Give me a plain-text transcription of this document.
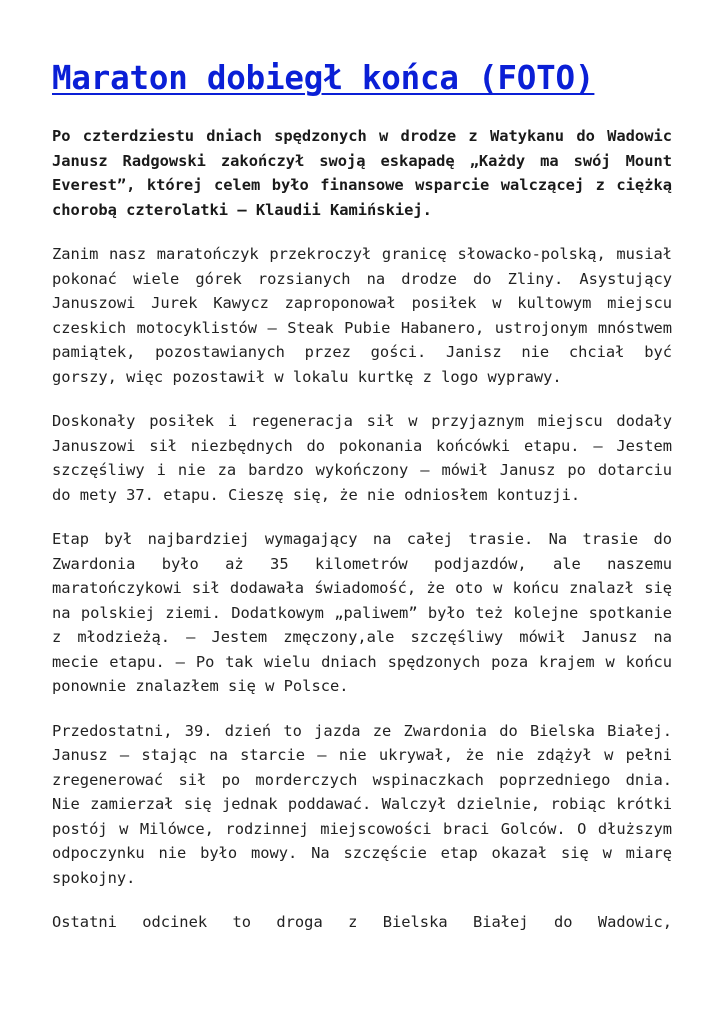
Maraton dobiegł końca (FOTO)

Po czterdziestu dniach spędzonych w drodze z Watykanu do Wadowic Janusz Radgowski zakończył swoją eskapadę „Każdy ma swój Mount Everest”, której celem było finansowe wsparcie walczącej z ciężką chorobą czterolatki – Klaudii Kamińskiej.

Zanim nasz maratończyk przekroczył granicę słowacko-polską, musiał pokonać wiele górek rozsianych na drodze do Zliny. Asystujący Januszowi Jurek Kawycz zaproponował posiłek w kultowym miejscu czeskich motocyklistów – Steak Pubie Habanero, ustrojonym mnóstwem pamiątek, pozostawianych przez gości. Janisz nie chciał być gorszy, więc pozostawił w lokalu kurtkę z logo wyprawy.

Doskonały posiłek i regeneracja sił w przyjaznym miejscu dodały Januszowi sił niezbędnych do pokonania końcówki etapu. – Jestem szczęśliwy i nie za bardzo wykończony – mówił Janusz po dotarciu do mety 37. etapu. Cieszę się, że nie odniosłem kontuzji.

Etap był najbardziej wymagający na całej trasie. Na trasie do Zwardonia było aż 35 kilometrów podjazdów, ale naszemu maratończykowi sił dodawała świadomość, że oto w końcu znalazł się na polskiej ziemi. Dodatkowym „paliwem” było też kolejne spotkanie z młodzieżą. – Jestem zmęczony,ale szczęśliwy mówił Janusz na mecie etapu. – Po tak wielu dniach spędzonych poza krajem w końcu ponownie znalazłem się w Polsce.

Przedostatni, 39. dzień to jazda ze Zwardonia do Bielska Białej. Janusz – stając na starcie – nie ukrywał, że nie zdążył w pełni zregenerować sił po morderczych wspinaczkach poprzedniego dnia. Nie zamierzał się jednak poddawać. Walczył dzielnie, robiąc krótki postój w Milówce, rodzinnej miejscowości braci Golców. O dłuższym odpoczynku nie było mowy. Na szczęście etap okazał się w miarę spokojny.

Ostatni odcinek to droga z Bielska Białej do Wadowic,
